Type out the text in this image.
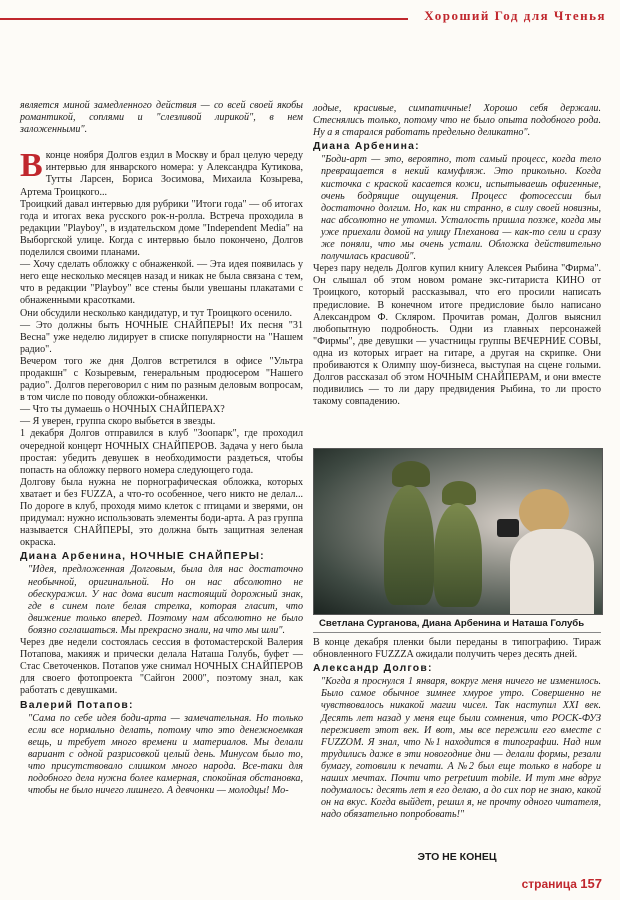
Хороший Год для Чтенья

является миной замедленного действия — со всей своей якобы романтикой, соплями и "слезливой лирикой", в нем заложенными".

Вконце ноября Долгов ездил в Москву и брал целую череду интервью для январского номера: у Александра Кутикова, Тутты Ларсен, Бориса Зосимова, Михаила Козырева, Артема Троицкого...

Троицкий давал интервью для рубрики "Итоги года" — об итогах года и итогах века русского рок-н-ролла. Встреча проходила в редакции "Playboy", в издательском доме "Independent Media" на Выборгской улице. Когда с интервью было покончено, Долгов поделился своими планами.

— Хочу сделать обложку с обнаженкой. — Эта идея появилась у него еще несколько месяцев назад и никак не была связана с тем, что в редакции "Playboy" все стены были увешаны плакатами с обнаженными красотками.

Они обсудили несколько кандидатур, и тут Троицкого осенило.

— Это должны быть НОЧНЫЕ СНАЙПЕРЫ! Их песня "31 Весна" уже неделю лидирует в списке популярности на "Нашем радио".

Вечером того же дня Долгов встретился в офисе "Ультра продакшн" с Козыревым, генеральным продюсером "Нашего радио". Долгов переговорил с ним по разным деловым вопросам, в том числе по поводу обложки-обнаженки.

— Что ты думаешь о НОЧНЫХ СНАЙПЕРАХ?

— Я уверен, группа скоро выбьется в звезды.

1 декабря Долгов отправился в клуб "Зоопарк", где проходил очередной концерт НОЧНЫХ СНАЙПЕРОВ. Задача у него была простая: убедить девушек в необходимости раздеться, чтобы попасть на обложку первого номера следующего года.

Долгову была нужна не порнографическая обложка, которых хватает и без FUZZA, а что-то особенное, чего никто не делал... По дороге в клуб, проходя мимо клеток с птицами и зверями, он придумал: нужно использовать элементы боди-арта. А раз группа называется СНАЙПЕРЫ, это должна быть защитная зеленая окраска.

Диана Арбенина, НОЧНЫЕ СНАЙПЕРЫ:

"Идея, предложенная Долговым, была для нас достаточно необычной, оригинальной. Но он нас абсолютно не обескуражил. У нас дома висит настоящий дорожный знак, где в синем поле белая стрелка, которая гласит, что движение только вперед. Поэтому нам абсолютно не было боязно соглашаться. Мы прекрасно знали, на что мы шли".

Через две недели состоялась сессия в фотомастерской Валерия Потапова, макияж и прически делала Наташа Голубь, буфет — Стас Светоченков. Потапов уже снимал НОЧНЫХ СНАЙПЕРОВ для своего фотопроекта "Сайгон 2000", поэтому знал, как работать с девушками.

Валерий Потапов:

"Сама по себе идея боди-арта — замечательная. Но только если все нормально делать, потому что это денежноемкая вещь, и требует много времени и материалов. Мы делали вариант с одной разрисовкой целый день. Минусом было то, что присутствовало слишком много народа. Все-таки для подобного дела нужна более камерная, спокойная обстановка, чтобы не было ничего лишнего. А девчонки — молодцы! Мо-

лодые, красивые, симпатичные! Хорошо себя держали. Стеснялись только, потому что не было опыта подобного рода. Ну а я старался работать предельно деликатно".

Диана Арбенина:

"Боди-арт — это, вероятно, тот самый процесс, когда тело превращается в некий камуфляж. Это прикольно. Когда кисточка с краской касается кожи, испытываешь офигенные, очень бодрящие ощущения. Процесс фотосессии был достаточно долгим. Но, как ни странно, в силу своей новизны, нас абсолютно не утомил. Усталость пришла позже, когда мы уже приехали домой на улицу Плеханова — как-то сели и сразу же поняли, что мы очень устали. Обложка действительно получилась красивой".

Через пару недель Долгов купил книгу Алексея Рыбина "Фирма". Он слышал об этом новом романе экс-гитариста КИНО от Троицкого, который рассказывал, что его просили написать предисловие. В конечном итоге предисловие было написано Александром Ф. Скляром. Прочитав роман, Долгов выяснил любопытную подробность. Одни из главных персонажей "Фирмы", две девушки — участницы группы ВЕЧЕРНИЕ СОВЫ, одна из которых играет на гитаре, а другая на скрипке. Они пробиваются к Олимпу шоу-бизнеса, выступая на сцене голыми. Долгов рассказал об этом НОЧНЫМ СНАЙПЕРАМ, и они вместе подивились — то ли дару предвидения Рыбина, то ли просто такому совпадению.

Светлана Сурганова, Диана Арбенина и Наташа Голубь

В конце декабря пленки были переданы в типографию. Тираж обновленного FUZZZA ожидали получить через десять дней.

Александр Долгов:

"Когда я проснулся 1 января, вокруг меня ничего не изменилось. Было самое обычное зимнее хмурое утро. Совершенно не чувствовалось никакой магии чисел. Так наступил XXI век. Десять лет назад у меня еще были сомнения, что РОСК-ФУЗ переживет этот век. И вот, мы все пережили его вместе с FUZZOM. Я знал, что №1 находится в типографии. Над ним трудились даже в эти новогодние дни — делали формы, резали бумагу, готовили к печати. А №2 был еще только в наборе и наших мечтах. Почти что perpetuum mobile. И тут мне вдруг подумалось: десять лет я его делаю, а до сих пор не знаю, какой он на вкус. Когда выйдет, решил я, не прочту одного читателя, надо обязательно попробовать!"

ЭТО НЕ КОНЕЦ
страница 157
